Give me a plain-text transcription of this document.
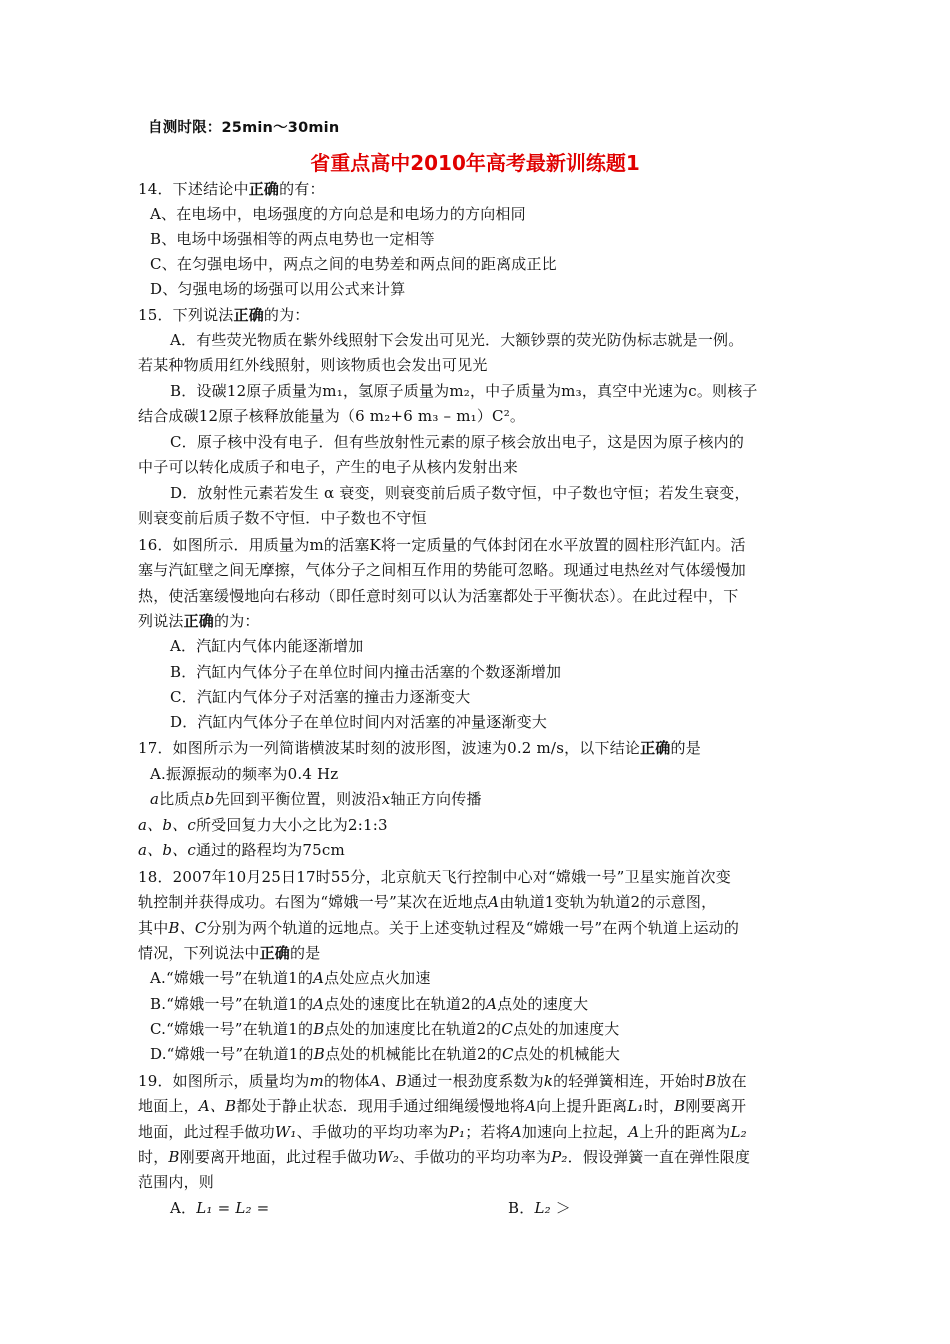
自测时限：25min～30min
省重点高中2010年高考最新训练题1
14．下述结论中正确的有：
A、在电场中，电场强度的方向总是和电场力的方向相同
B、电场中场强相等的两点电势也一定相等
C、在匀强电场中，两点之间的电势差和两点间的距离成正比
D、匀强电场的场强可以用公式来计算
15．下列说法正确的为：
A．有些荧光物质在紫外线照射下会发出可见光．大额钞票的荧光防伪标志就是一例。
若某种物质用红外线照射，则该物质也会发出可见光
B．设碳12原子质量为m₁，氢原子质量为m₂，中子质量为m₃，真空中光速为c。则核子
结合成碳12原子核释放能量为（6 m₂+6 m₃ – m₁）C²。
C．原子核中没有电子．但有些放射性元素的原子核会放出电子，这是因为原子核内的
中子可以转化成质子和电子，产生的电子从核内发射出来
D．放射性元素若发生 α 衰变，则衰变前后质子数守恒，中子数也守恒；若发生衰变，
则衰变前后质子数不守恒．中子数也不守恒
16．如图所示．用质量为m的活塞K将一定质量的气体封闭在水平放置的圆柱形汽缸内。活
塞与汽缸壁之间无摩擦，气体分子之间相互作用的势能可忽略。现通过电热丝对气体缓慢加
热，使活塞缓慢地向右移动（即任意时刻可以认为活塞都处于平衡状态）。在此过程中，下
列说法正确的为：
A．汽缸内气体内能逐渐增加
B．汽缸内气体分子在单位时间内撞击活塞的个数逐渐增加
C．汽缸内气体分子对活塞的撞击力逐渐变大
D．汽缸内气体分子在单位时间内对活塞的冲量逐渐变大
17．如图所示为一列简谐横波某时刻的波形图，波速为0.2 m/s，以下结论正确的是
A.振源振动的频率为0.4 Hz
a比质点b先回到平衡位置，则波沿x轴正方向传播
a、b、c所受回复力大小之比为2:1:3
a、b、c通过的路程均为75cm
18．2007年10月25日17时55分，北京航天飞行控制中心对“嫦娥一号”卫星实施首次变
轨控制并获得成功。右图为“嫦娥一号”某次在近地点A由轨道1变轨为轨道2的示意图，
其中B、C分别为两个轨道的远地点。关于上述变轨过程及“嫦娥一号”在两个轨道上运动的
情况，下列说法中正确的是
A.“嫦娥一号”在轨道1的A点处应点火加速
B.“嫦娥一号”在轨道1的A点处的速度比在轨道2的A点处的速度大
C.“嫦娥一号”在轨道1的B点处的加速度比在轨道2的C点处的加速度大
D.“嫦娥一号”在轨道1的B点处的机械能比在轨道2的C点处的机械能大
19．如图所示，质量均为m的物体A、B通过一根劲度系数为k的轻弹簧相连，开始时B放在
地面上，A、B都处于静止状态．现用手通过细绳缓慢地将A向上提升距离L₁时，B刚要离开
地面，此过程手做功W₁、手做功的平均功率为P₁；若将A加速向上拉起，A上升的距离为L₂
时，B刚要离开地面，此过程手做功W₂、手做功的平均功率为P₂．假设弹簧一直在弹性限度
范围内，则
A．L₁ = L₂ =	B．L₂ ＞
